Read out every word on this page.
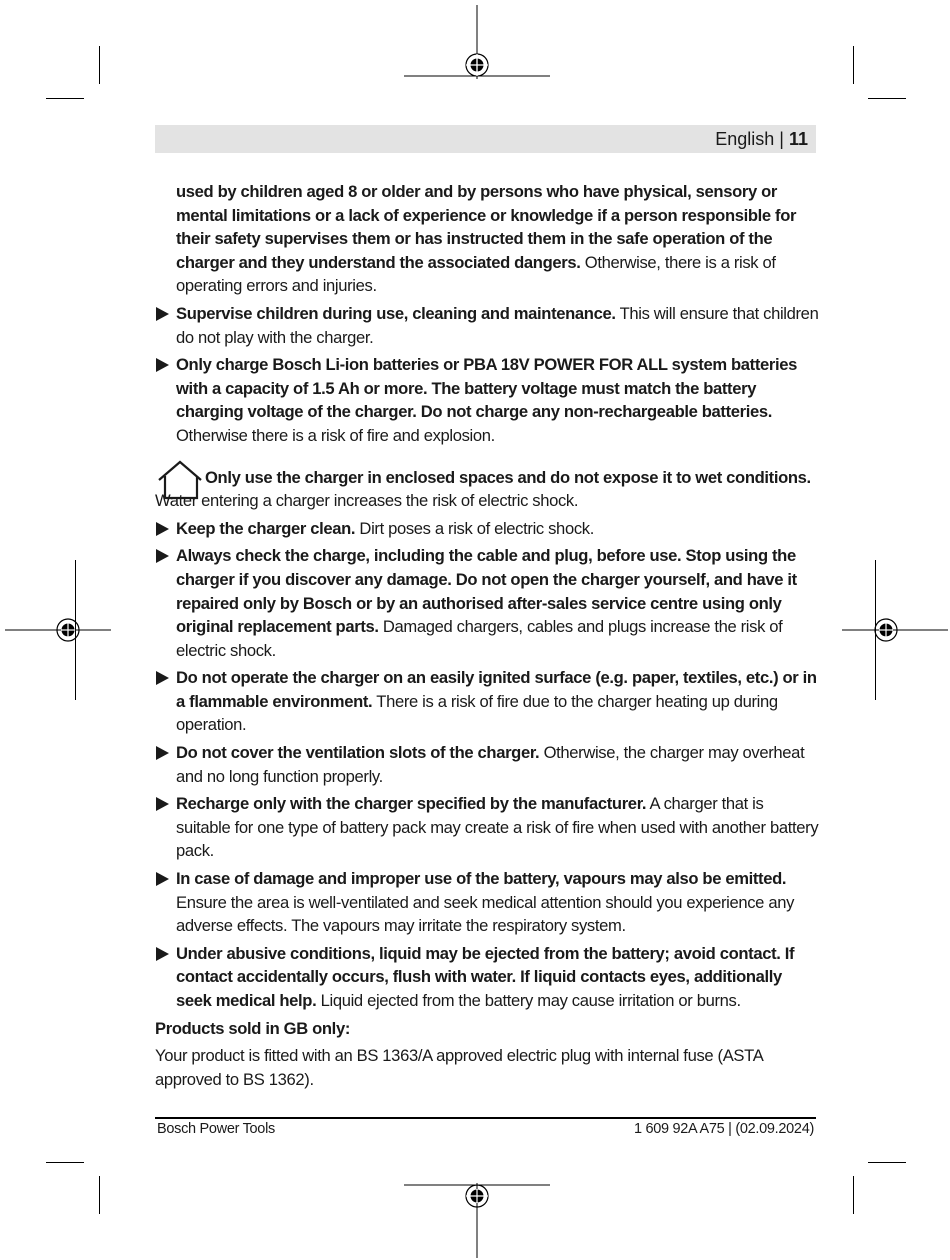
English | 11

used by children aged 8 or older and by persons who have physical, sensory or mental limitations or a lack of experience or knowledge if a person responsible for their safety supervises them or has instructed them in the safe operation of the charger and they understand the associated dangers. Otherwise, there is a risk of operating errors and injuries.

Supervise children during use, cleaning and maintenance. This will ensure that children do not play with the charger.
Only charge Bosch Li-ion batteries or PBA 18V POWER FOR ALL system batteries with a capacity of 1.5 Ah or more. The battery voltage must match the battery charging voltage of the charger. Do not charge any non-rechargeable batteries. Otherwise there is a risk of fire and explosion.
Only use the charger in enclosed spaces and do not expose it to wet conditions. Water entering a charger increases the risk of electric shock.
Keep the charger clean. Dirt poses a risk of electric shock.
Always check the charge, including the cable and plug, before use. Stop using the charger if you discover any damage. Do not open the charger yourself, and have it repaired only by Bosch or by an authorised after-sales service centre using only original replacement parts. Damaged chargers, cables and plugs increase the risk of electric shock.
Do not operate the charger on an easily ignited surface (e.g. paper, textiles, etc.) or in a flammable environment. There is a risk of fire due to the charger heating up during operation.
Do not cover the ventilation slots of the charger. Otherwise, the charger may overheat and no long function properly.
Recharge only with the charger specified by the manufacturer. A charger that is suitable for one type of battery pack may create a risk of fire when used with another battery pack.
In case of damage and improper use of the battery, vapours may also be emitted. Ensure the area is well-ventilated and seek medical attention should you experience any adverse effects. The vapours may irritate the respiratory system.
Under abusive conditions, liquid may be ejected from the battery; avoid contact. If contact accidentally occurs, flush with water. If liquid contacts eyes, additionally seek medical help. Liquid ejected from the battery may cause irritation or burns.

Products sold in GB only:

Your product is fitted with an BS 1363/A approved electric plug with internal fuse (ASTA approved to BS 1362).

Bosch Power Tools	1 609 92A A75 | (02.09.2024)
